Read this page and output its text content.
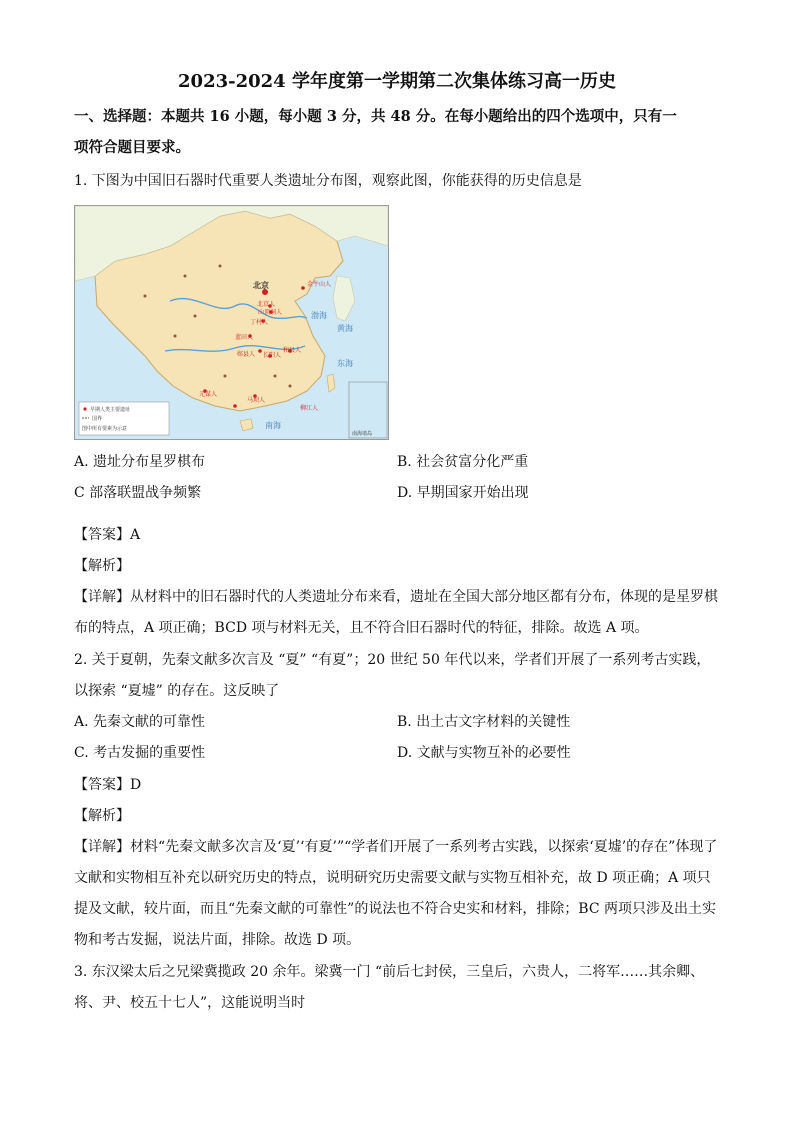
2023-2024 学年度第一学期第二次集体练习高一历史
一、选择题：本题共 16 小题，每小题 3 分，共 48 分。在每小题给出的四个选项中，只有一
项符合题目要求。
1. 下图为中国旧石器时代重要人类遗址分布图，观察此图，你能获得的历史信息是
渤海
黄海
东海
南海
北京	金牛山人
北京人
山顶洞人
丁村人
蓝田人
郧县人 长阳人
和县人
元谋人
马坝人
柳江人
早期人类主要遗址
国界
图中所有要素为示意
南海诸岛
A. 遗址分布星罗棋布	B. 社会贫富分化严重
C 部落联盟战争频繁	D. 早期国家开始出现
【答案】A
【解析】
【详解】从材料中的旧石器时代的人类遗址分布来看，遗址在全国大部分地区都有分布，体现的是星罗棋
布的特点，A 项正确；BCD 项与材料无关，且不符合旧石器时代的特征，排除。故选 A 项。
2. 关于夏朝，先秦文献多次言及 “夏” “有夏”；20 世纪 50 年代以来，学者们开展了一系列考古实践，
以探索 “夏墟” 的存在。这反映了
A. 先秦文献的可靠性	B. 出土古文字材料的关键性
C. 考古发掘的重要性	D. 文献与实物互补的必要性
【答案】D
【解析】
【详解】材料“先秦文献多次言及‘夏’‘有夏’”“学者们开展了一系列考古实践，以探索‘夏墟’的存在”体现了
文献和实物相互补充以研究历史的特点，说明研究历史需要文献与实物互相补充，故 D 项正确；A 项只
提及文献，较片面，而且“先秦文献的可靠性”的说法也不符合史实和材料，排除；BC 两项只涉及出土实
物和考古发掘，说法片面，排除。故选 D 项。
3. 东汉梁太后之兄梁冀揽政 20 余年。梁冀一门 “前后七封侯，三皇后，六贵人，二将军……其余卿、
将、尹、校五十七人”，这能说明当时
